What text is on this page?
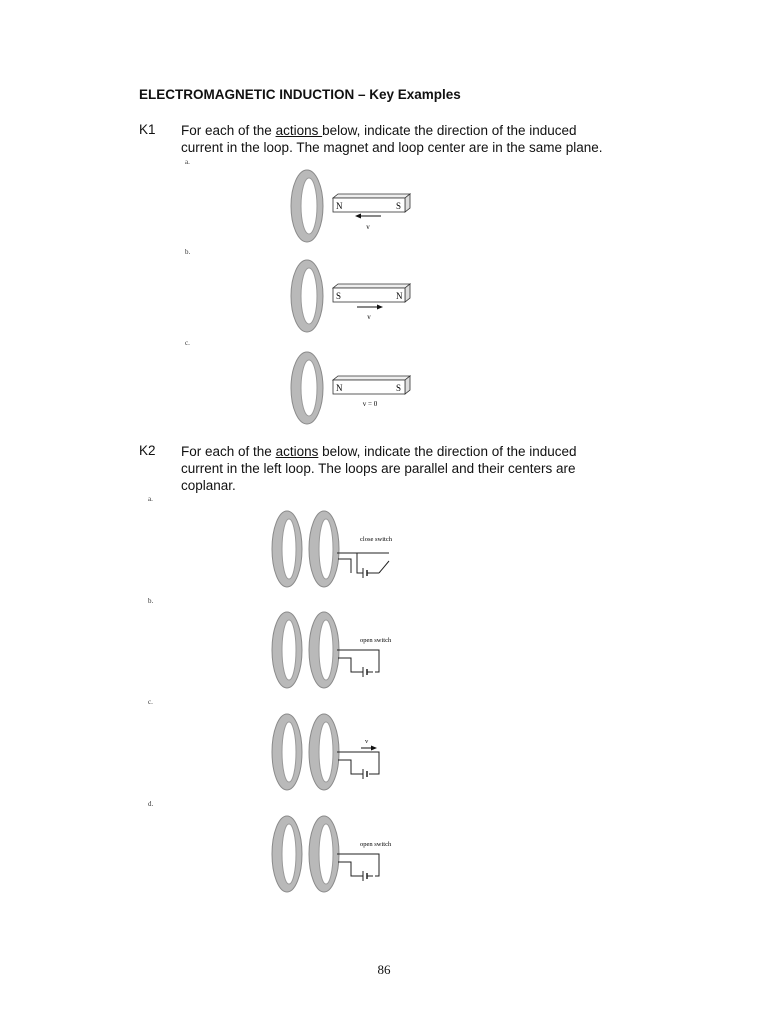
ELECTROMAGNETIC INDUCTION – Key Examples
K1 For each of the actions below, indicate the direction of the induced current in the loop. The magnet and loop center are in the same plane.
a.
N	S
v
b.
S	N
v
c.
N	S
v = 0
K2 For each of the actions below, indicate the direction of the induced current in the left loop. The loops are parallel and their centers are coplanar.
a.
close switch
b.
open switch
c.
v
d.
open switch
86
